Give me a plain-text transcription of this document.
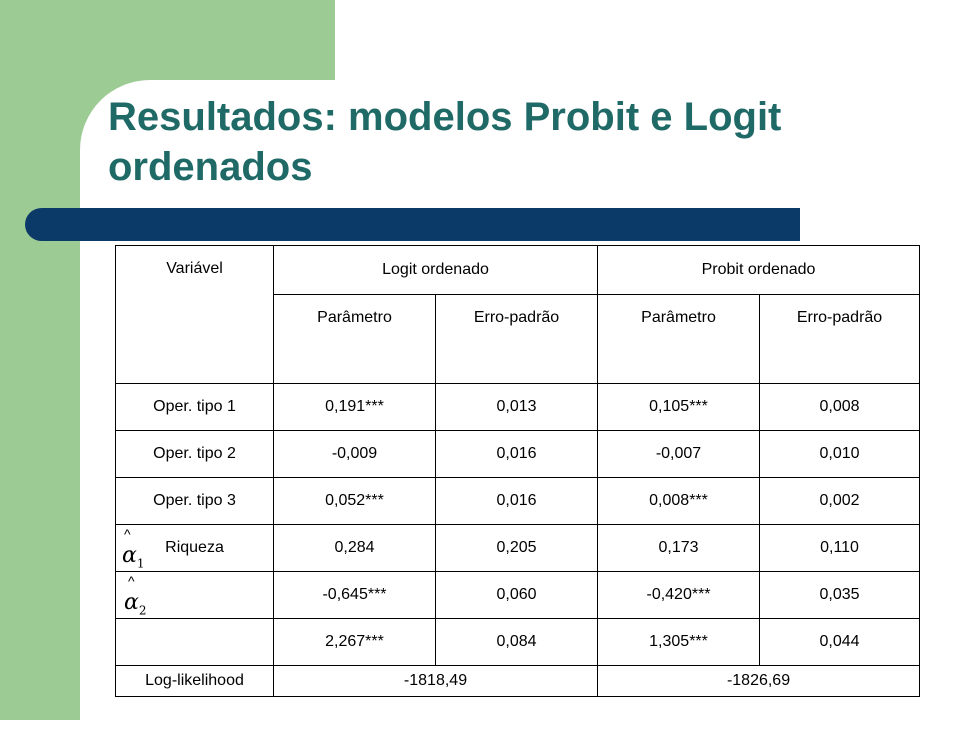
Resultados: modelos Probit e Logit ordenados
Variável	Logit ordenado		Probit ordenado	
	Parâmetro	Erro-padrão	Parâmetro	Erro-padrão
Oper. tipo 1	0,191***	0,013	0,105***	0,008
Oper. tipo 2	-0,009	0,016	-0,007	0,010
Oper. tipo 3	0,052***	0,016	0,008***	0,002

^
$\alpha_1$
Riqueza	0,284	0,205	0,173	0,110

^
$\alpha_2$	-0,645***	0,060	-0,420***	0,035
	2,267***	0,084	1,305***	0,044
Log-likelihood	-1818,49		-1826,69	
